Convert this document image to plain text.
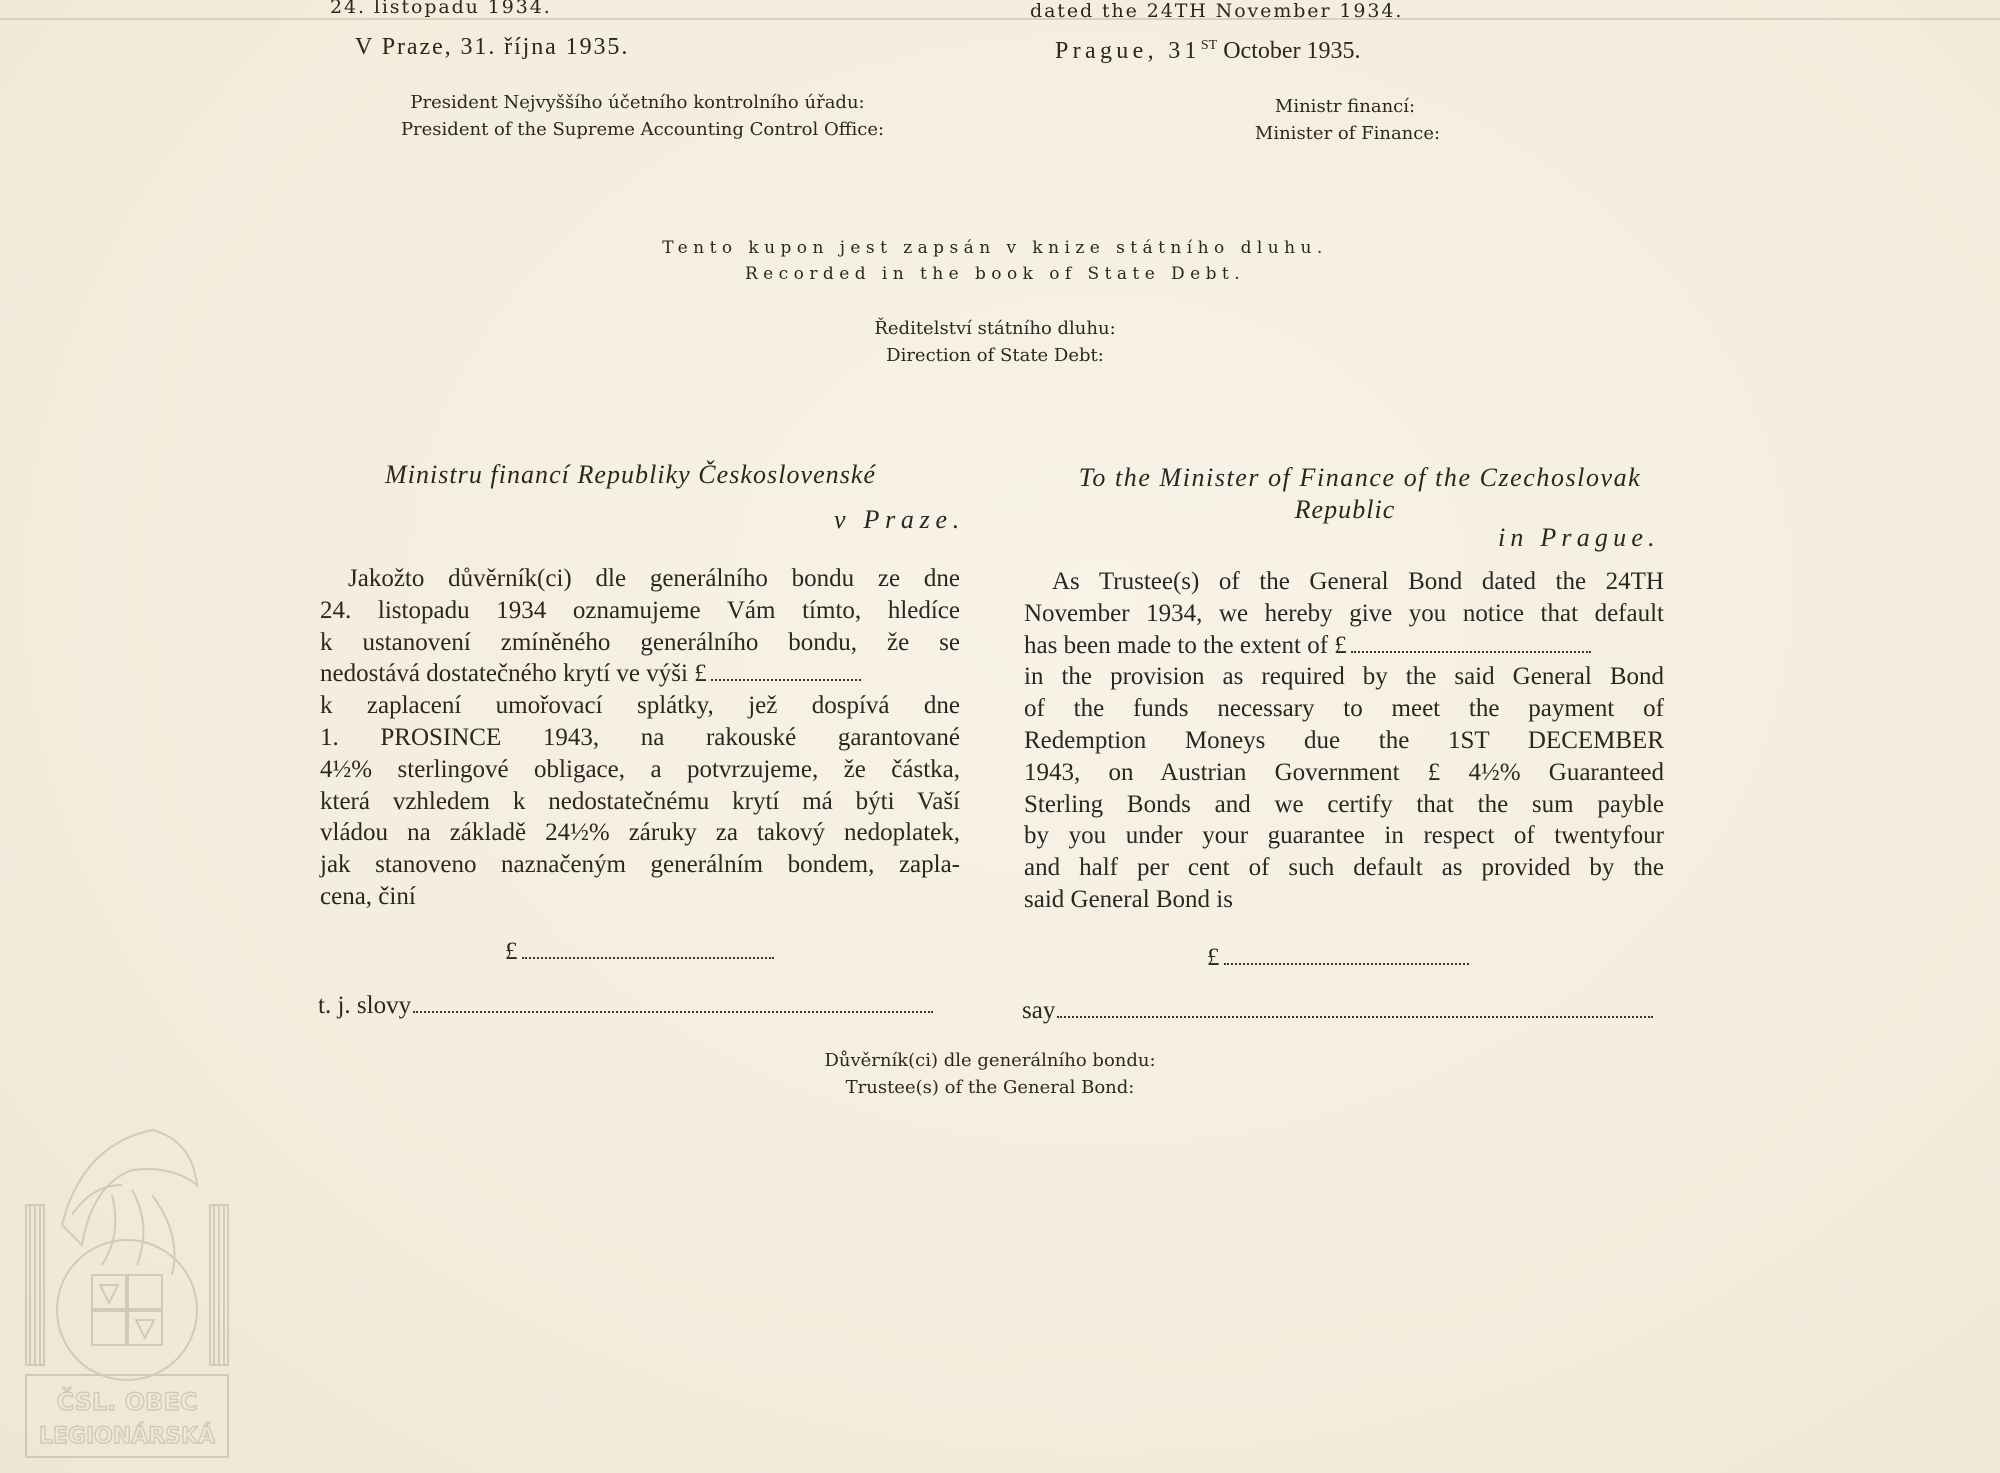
24. listopadu 1934.	dated the 24TH November 1934.
V Praze, 31. října 1935.	Prague, 31ST October 1935.
President Nejvyššího účetního kontrolního úřadu:
President of the Supreme Accounting Control Office:
Ministr financí:
Minister of Finance:
Tento kupon jest zapsán v knize státního dluhu.
Recorded in the book of State Debt.
Ředitelství státního dluhu:
Direction of State Debt:
Ministru financí Republiky Československé
v Praze.
Jakožto důvěrník(ci) dle generálního bondu ze dne
24. listopadu 1934 oznamujeme Vám tímto, hledíce
k ustanovení zmíněného generálního bondu, že se
nedostává dostatečného krytí ve výši £
k zaplacení umořovací splátky, jež dospívá dne
1. PROSINCE 1943, na rakouské garantované
4½% sterlingové obligace, a potvrzujeme, že částka,
která vzhledem k nedostatečnému krytí má býti Vaší
vládou na základě 24½% záruky za takový nedoplatek,
jak stanoveno naznačeným generálním bondem, zapla-
cena, činí
£
t. j. slovy
To the Minister of Finance of the Czechoslovak
Republic
in Prague.
As Trustee(s) of the General Bond dated the 24TH
November 1934, we hereby give you notice that default
has been made to the extent of £
in the provision as required by the said General Bond
of the funds necessary to meet the payment of
Redemption Moneys due the 1ST DECEMBER
1943, on Austrian Government £ 4½% Guaranteed
Sterling Bonds and we certify that the sum payble
by you under your guarantee in respect of twentyfour
and half per cent of such default as provided by the
said General Bond is
£
say
Důvěrník(ci) dle generálního bondu:
Trustee(s) of the General Bond:
ČSL. OBEC
LEGIONÁRSKÁ
